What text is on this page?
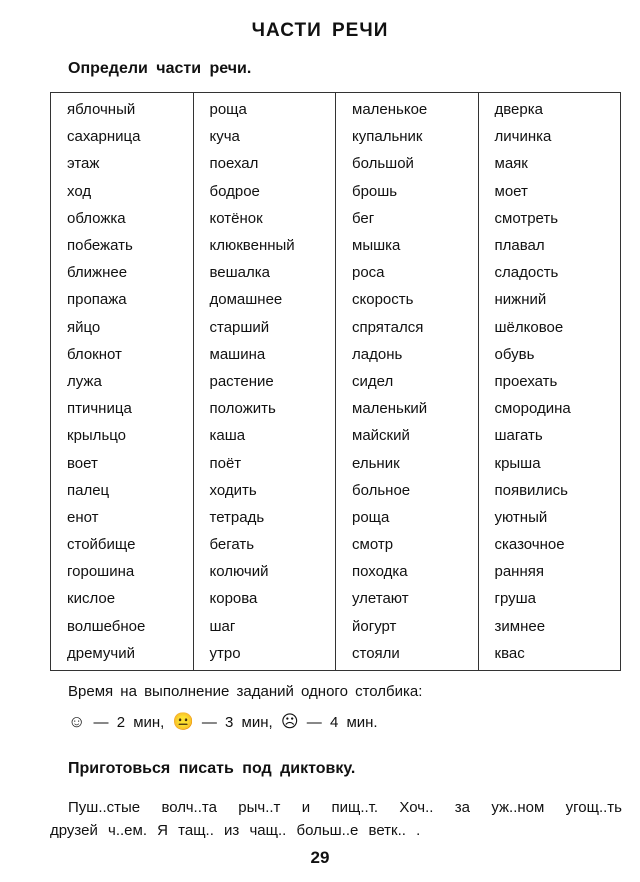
ЧАСТИ РЕЧИ
Определи части речи.
яблочный	роща	маленькое	дверка
сахарница	куча	купальник	личинка
этаж	поехал	большой	маяк
ход	бодрое	брошь	моет
обложка	котёнок	бег	смотреть
побежать	клюквенный	мышка	плавал
ближнее	вешалка	роса	сладость
пропажа	домашнее	скорость	нижний
яйцо	старший	спрятался	шёлковое
блокнот	машина	ладонь	обувь
лужа	растение	сидел	проехать
птичница	положить	маленький	смородина
крыльцо	каша	майский	шагать
воет	поёт	ельник	крыша
палец	ходить	больное	появились
енот	тетрадь	роща	уютный
стойбище	бегать	смотр	сказочное
горошина	колючий	походка	ранняя
кислое	корова	улетают	груша
волшебное	шаг	йогурт	зимнее
дремучий	утро	стояли	квас
Время на выполнение заданий одного столбика:
☺ — 2 мин, 😐 — 3 мин, ☹ — 4 мин.
Приготовься писать под диктовку.
Пуш..стые волч..та рыч..т и пищ..т. Хоч.. за уж..ном угощ..ть
друзей ч..ем. Я тащ.. из чащ.. больш..е ветк.. .
29
